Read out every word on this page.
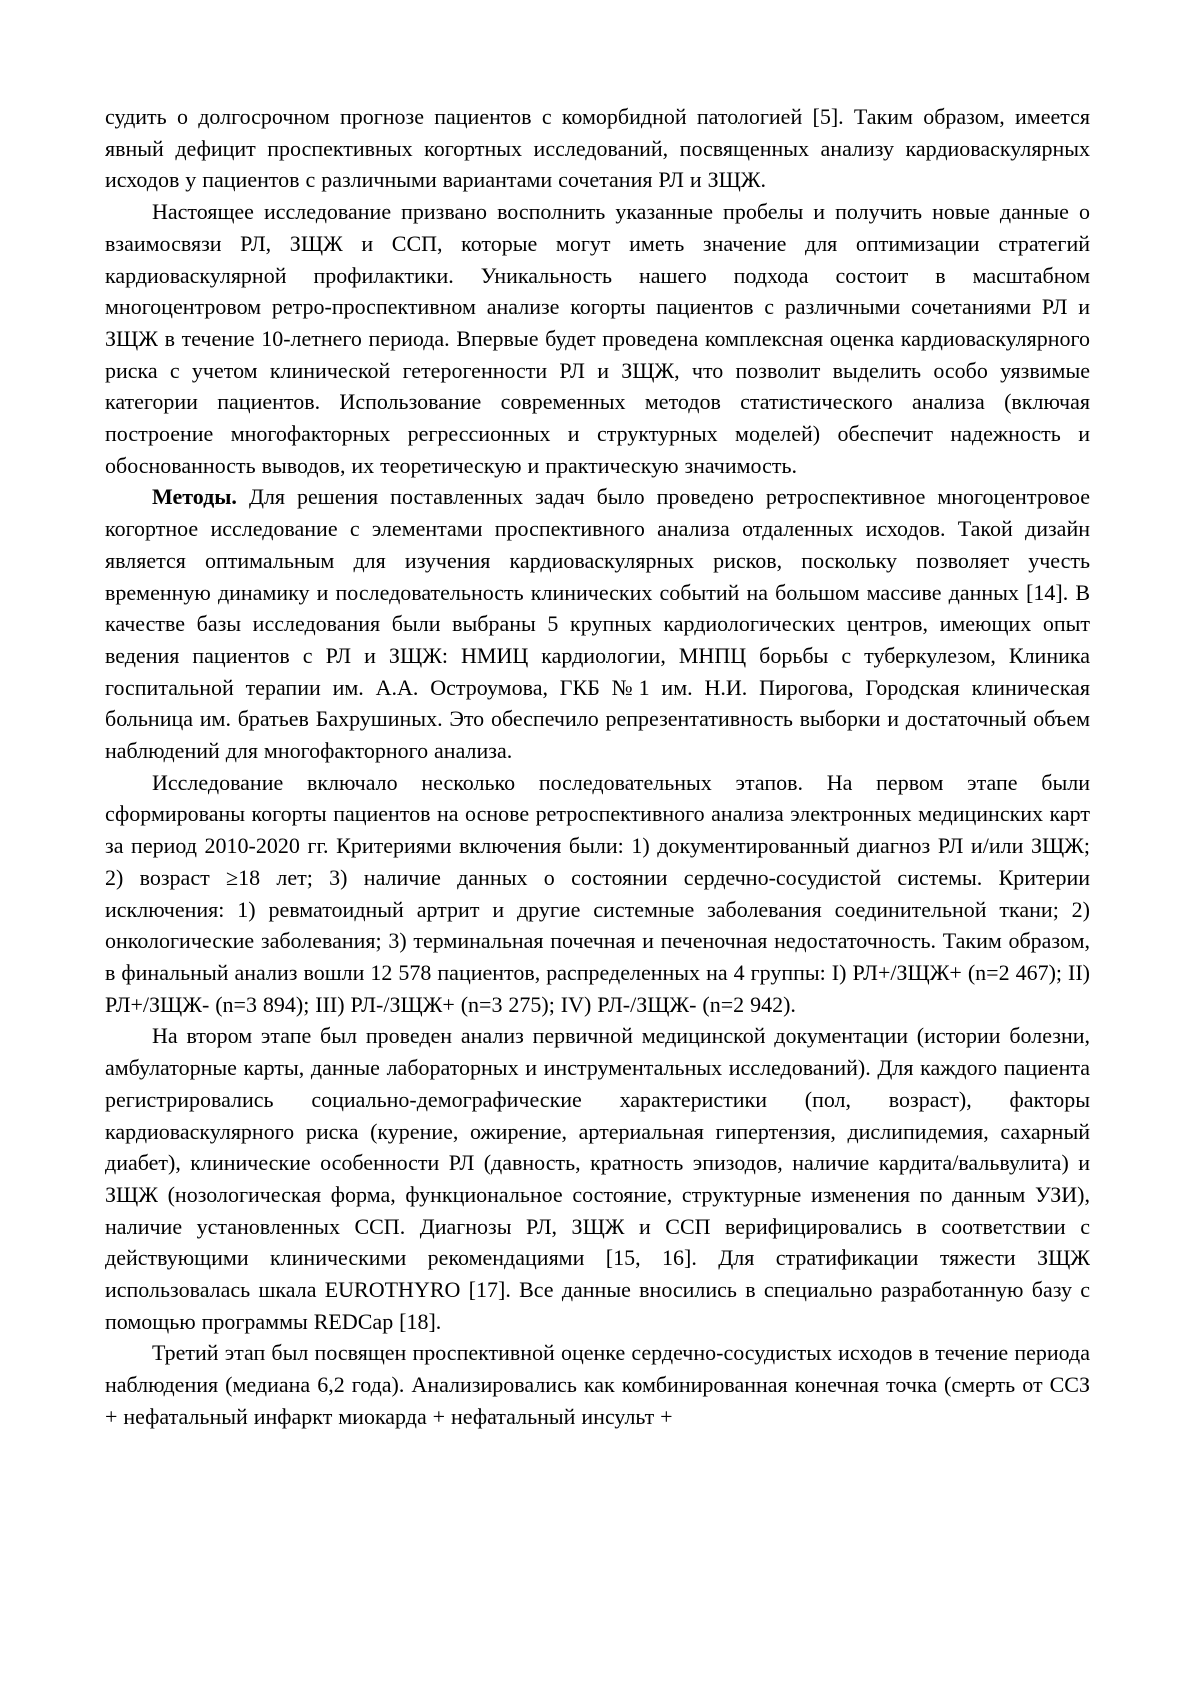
судить о долгосрочном прогнозе пациентов с коморбидной патологией [5]. Таким образом, имеется явный дефицит проспективных когортных исследований, посвященных анализу кардиоваскулярных исходов у пациентов с различными вариантами сочетания РЛ и ЗЩЖ.

Настоящее исследование призвано восполнить указанные пробелы и получить новые данные о взаимосвязи РЛ, ЗЩЖ и ССП, которые могут иметь значение для оптимизации стратегий кардиоваскулярной профилактики. Уникальность нашего подхода состоит в масштабном многоцентровом ретро-проспективном анализе когорты пациентов с различными сочетаниями РЛ и ЗЩЖ в течение 10-летнего периода. Впервые будет проведена комплексная оценка кардиоваскулярного риска с учетом клинической гетерогенности РЛ и ЗЩЖ, что позволит выделить особо уязвимые категории пациентов. Использование современных методов статистического анализа (включая построение многофакторных регрессионных и структурных моделей) обеспечит надежность и обоснованность выводов, их теоретическую и практическую значимость.

Методы. Для решения поставленных задач было проведено ретроспективное многоцентровое когортное исследование с элементами проспективного анализа отдаленных исходов. Такой дизайн является оптимальным для изучения кардиоваскулярных рисков, поскольку позволяет учесть временную динамику и последовательность клинических событий на большом массиве данных [14]. В качестве базы исследования были выбраны 5 крупных кардиологических центров, имеющих опыт ведения пациентов с РЛ и ЗЩЖ: НМИЦ кардиологии, МНПЦ борьбы с туберкулезом, Клиника госпитальной терапии им. А.А. Остроумова, ГКБ №1 им. Н.И. Пирогова, Городская клиническая больница им. братьев Бахрушиных. Это обеспечило репрезентативность выборки и достаточный объем наблюдений для многофакторного анализа.

Исследование включало несколько последовательных этапов. На первом этапе были сформированы когорты пациентов на основе ретроспективного анализа электронных медицинских карт за период 2010-2020 гг. Критериями включения были: 1) документированный диагноз РЛ и/или ЗЩЖ; 2) возраст ≥18 лет; 3) наличие данных о состоянии сердечно-сосудистой системы. Критерии исключения: 1) ревматоидный артрит и другие системные заболевания соединительной ткани; 2) онкологические заболевания; 3) терминальная почечная и печеночная недостаточность. Таким образом, в финальный анализ вошли 12 578 пациентов, распределенных на 4 группы: I) РЛ+/ЗЩЖ+ (n=2 467); II) РЛ+/ЗЩЖ- (n=3 894); III) РЛ-/ЗЩЖ+ (n=3 275); IV) РЛ-/ЗЩЖ- (n=2 942).

На втором этапе был проведен анализ первичной медицинской документации (истории болезни, амбулаторные карты, данные лабораторных и инструментальных исследований). Для каждого пациента регистрировались социально-демографические характеристики (пол, возраст), факторы кардиоваскулярного риска (курение, ожирение, артериальная гипертензия, дислипидемия, сахарный диабет), клинические особенности РЛ (давность, кратность эпизодов, наличие кардита/вальвулита) и ЗЩЖ (нозологическая форма, функциональное состояние, структурные изменения по данным УЗИ), наличие установленных ССП. Диагнозы РЛ, ЗЩЖ и ССП верифицировались в соответствии с действующими клиническими рекомендациями [15, 16]. Для стратификации тяжести ЗЩЖ использовалась шкала EUROTHYRO [17]. Все данные вносились в специально разработанную базу с помощью программы REDCap [18].

Третий этап был посвящен проспективной оценке сердечно-сосудистых исходов в течение периода наблюдения (медиана 6,2 года). Анализировались как комбинированная конечная точка (смерть от ССЗ + нефатальный инфаркт миокарда + нефатальный инсульт +
